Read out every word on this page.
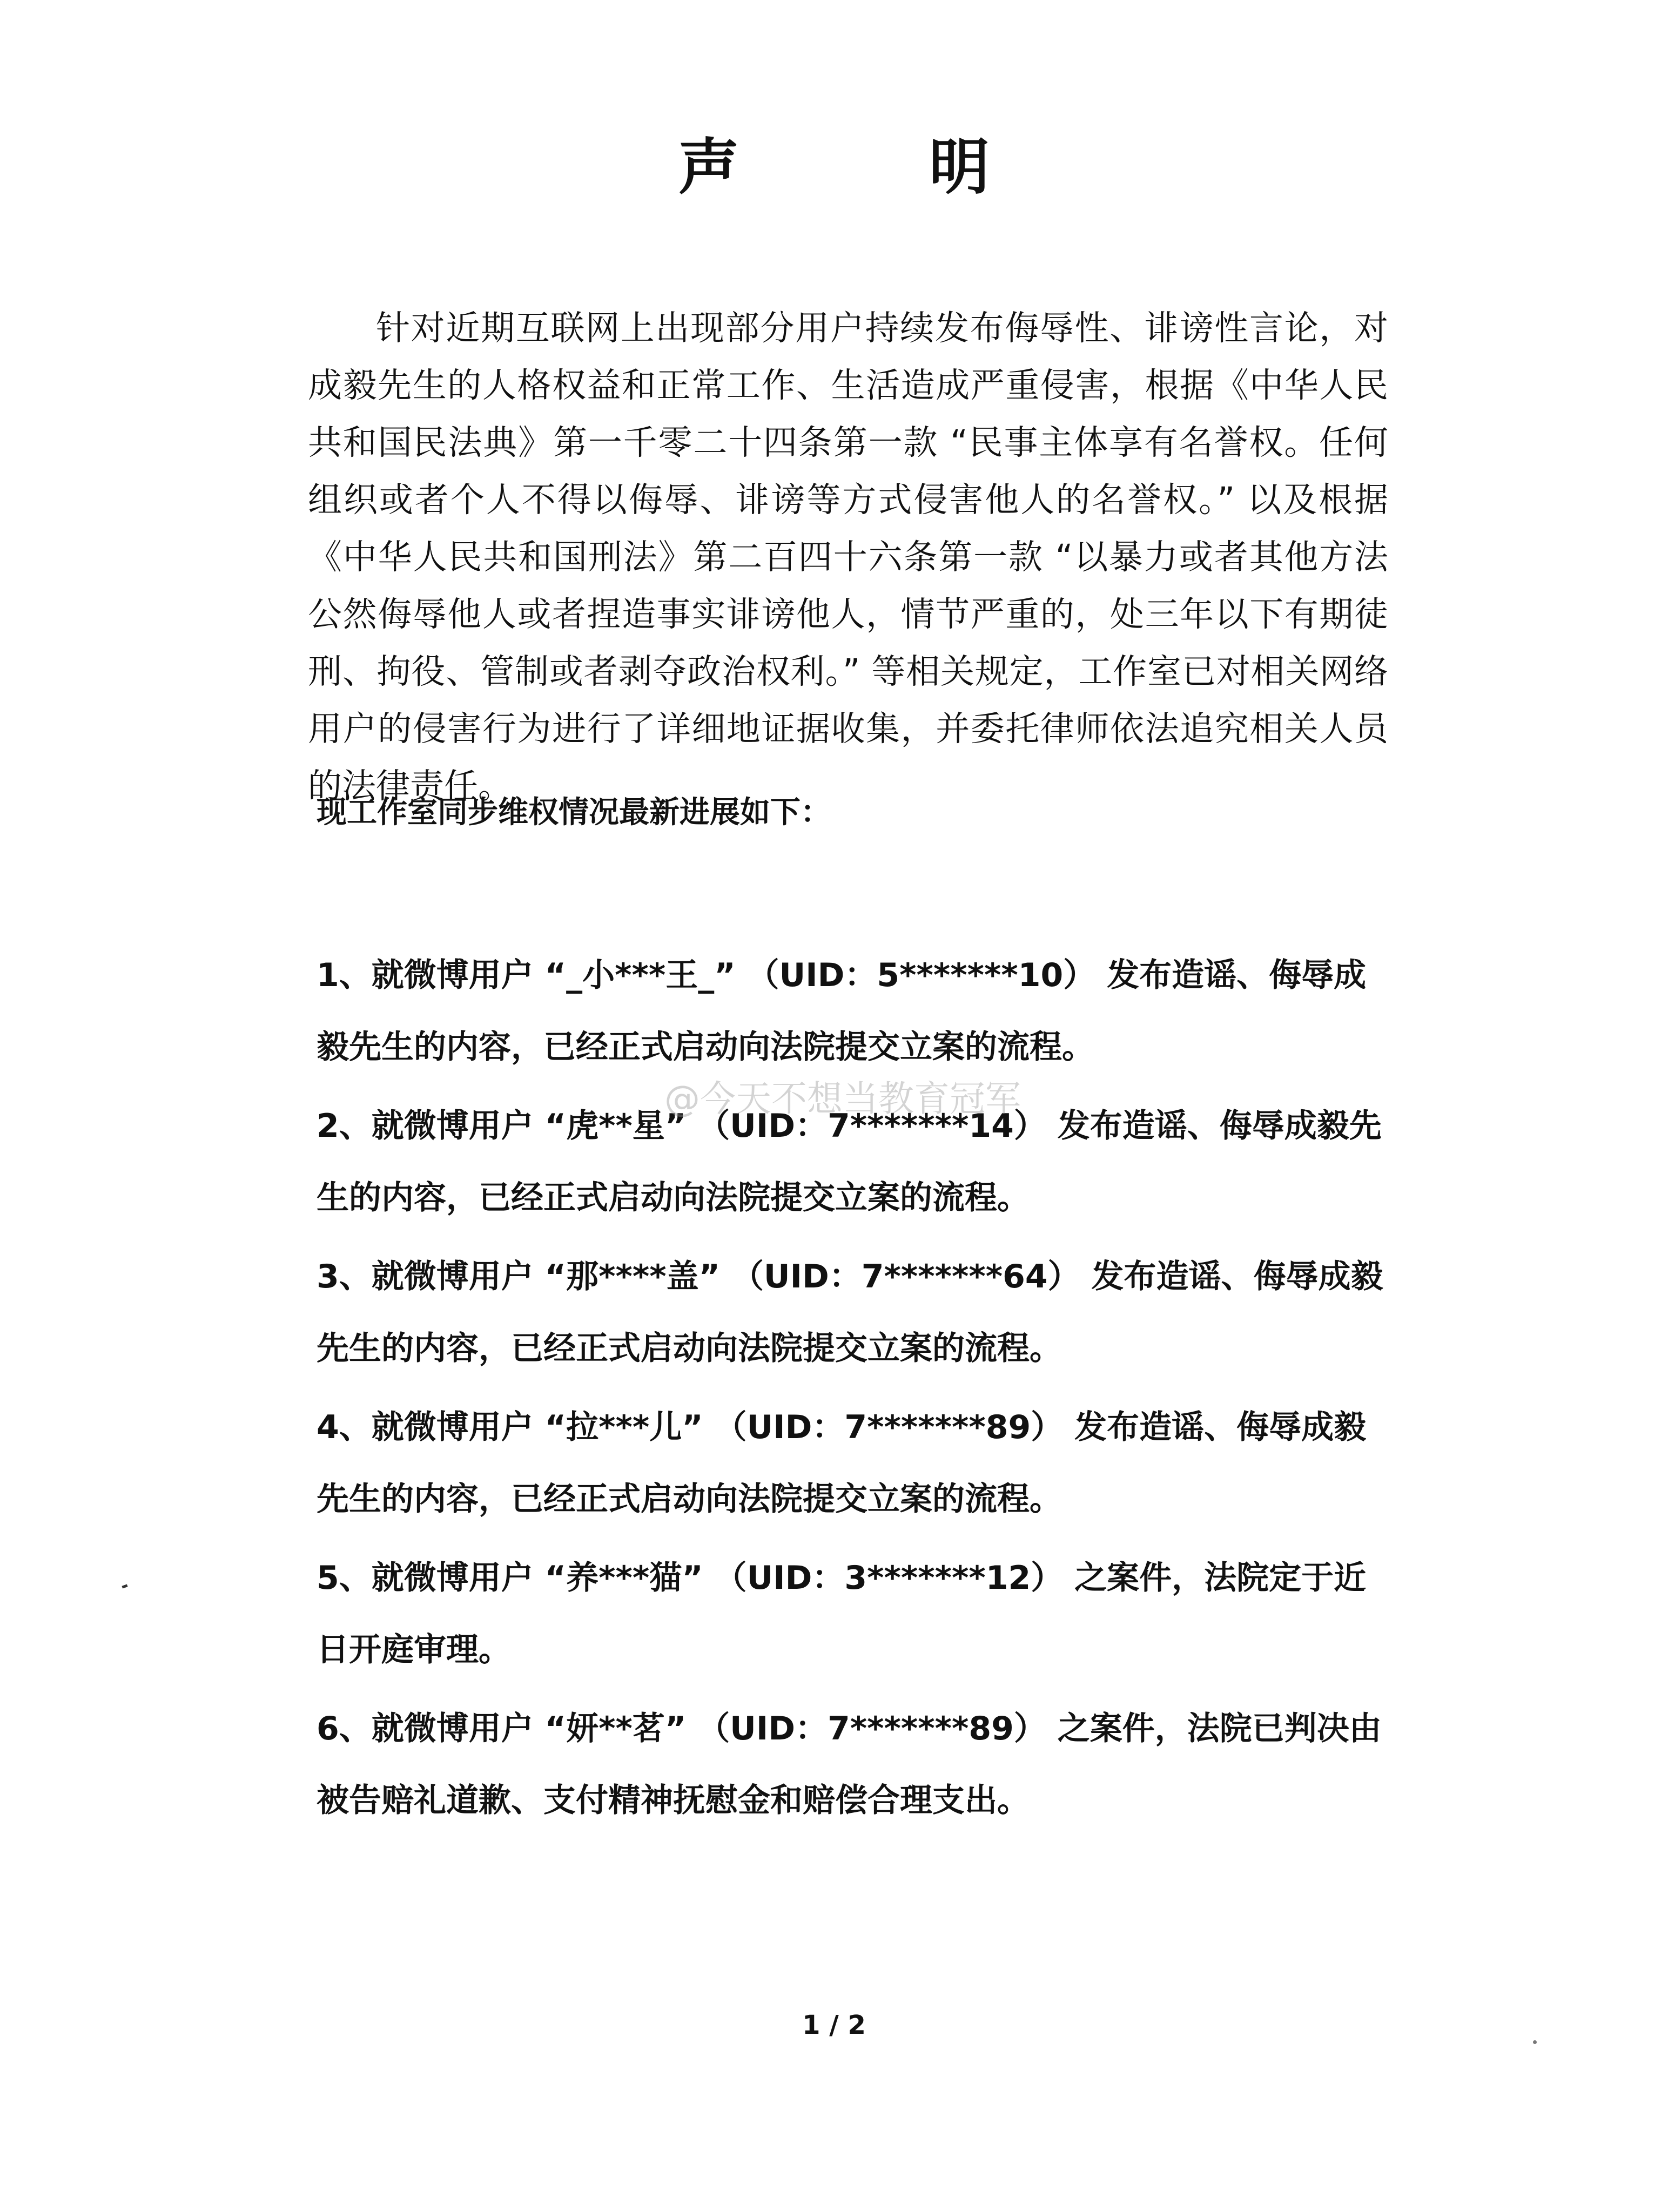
声　明
针对近期互联网上出现部分用户持续发布侮辱性、诽谤性言论，对成毅先生的人格权益和正常工作、生活造成严重侵害，根据《中华人民共和国民法典》第一千零二十四条第一款 “民事主体享有名誉权。任何组织或者个人不得以侮辱、诽谤等方式侵害他人的名誉权。” 以及根据《中华人民共和国刑法》第二百四十六条第一款 “以暴力或者其他方法公然侮辱他人或者捏造事实诽谤他人，情节严重的，处三年以下有期徒刑、拘役、管制或者剥夺政治权利。” 等相关规定，工作室已对相关网络用户的侵害行为进行了详细地证据收集，并委托律师依法追究相关人员的法律责任。
现工作室同步维权情况最新进展如下：
1、就微博用户 “_小***王_” （UID：5*******10） 发布造谣、侮辱成毅先生的内容，已经正式启动向法院提交立案的流程。
2、就微博用户 “虎**星” （UID：7*******14） 发布造谣、侮辱成毅先生的内容，已经正式启动向法院提交立案的流程。
3、就微博用户 “那****盖” （UID：7*******64） 发布造谣、侮辱成毅先生的内容，已经正式启动向法院提交立案的流程。
4、就微博用户 “拉***儿” （UID：7*******89） 发布造谣、侮辱成毅先生的内容，已经正式启动向法院提交立案的流程。
5、就微博用户 “养***猫” （UID：3*******12） 之案件，法院定于近日开庭审理。
6、就微博用户 “妍**茗” （UID：7*******89） 之案件，法院已判决由被告赔礼道歉、支付精神抚慰金和赔偿合理支出。
@今天不想当教育冠军
1 / 2
